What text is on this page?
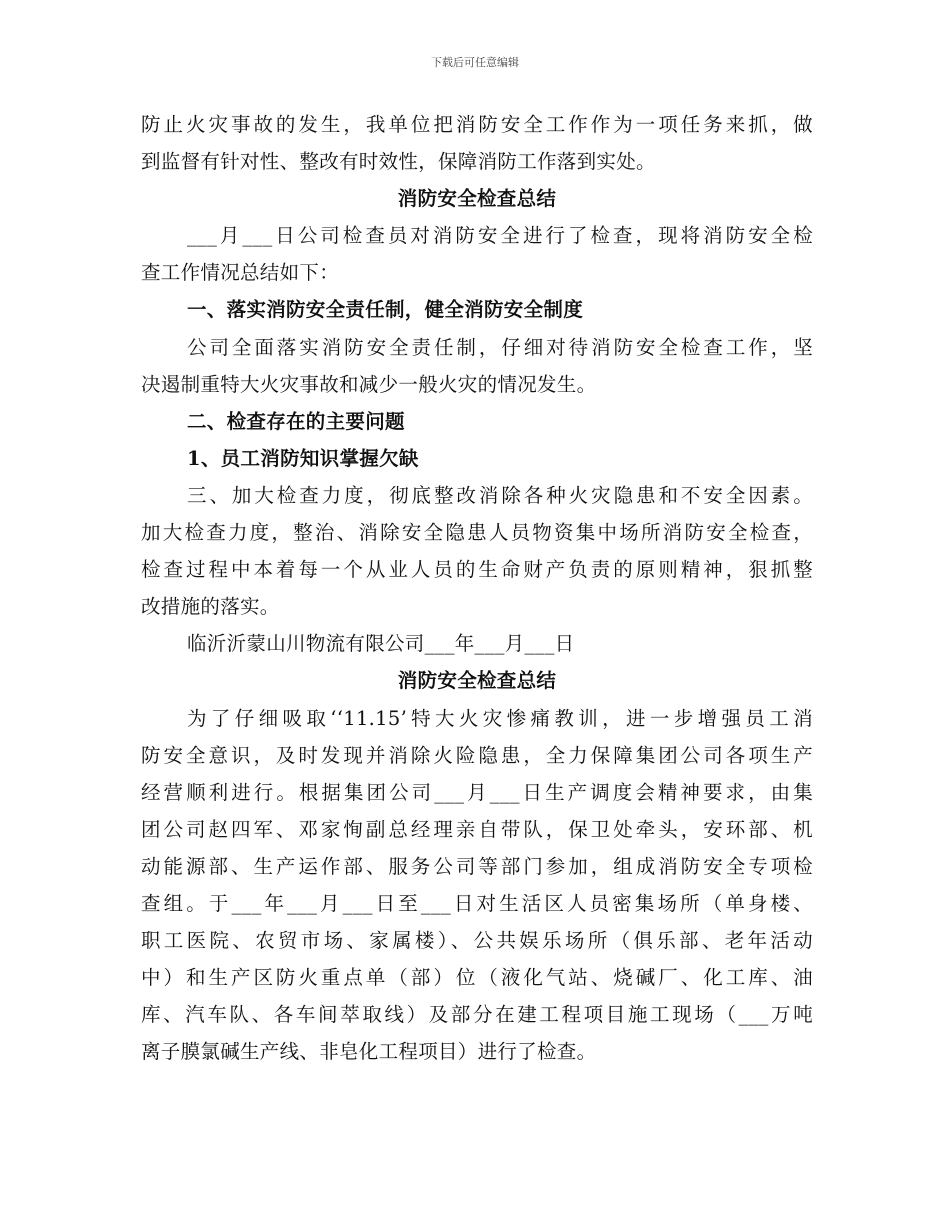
下载后可任意编辑
防止火灾事故的发生，我单位把消防安全工作作为一项任务来抓，做
到监督有针对性、整改有时效性，保障消防工作落到实处。
消防安全检查总结
___月___日公司检查员对消防安全进行了检查，现将消防安全检
查工作情况总结如下：
一、落实消防安全责任制，健全消防安全制度
公司全面落实消防安全责任制，仔细对待消防安全检查工作，坚
决遏制重特大火灾事故和减少一般火灾的情况发生。
二、检查存在的主要问题
1、员工消防知识掌握欠缺
三、加大检查力度，彻底整改消除各种火灾隐患和不安全因素。
加大检查力度，整治、消除安全隐患人员物资集中场所消防安全检查，
检查过程中本着每一个从业人员的生命财产负责的原则精神，狠抓整
改措施的落实。
临沂沂蒙山川物流有限公司___年___月___日
消防安全检查总结
为了仔细吸取‘‘11.15’特大火灾惨痛教训，进一步增强员工消
防安全意识，及时发现并消除火险隐患，全力保障集团公司各项生产
经营顺利进行。根据集团公司___月___日生产调度会精神要求，由集
团公司赵四军、邓家恂副总经理亲自带队，保卫处牵头，安环部、机
动能源部、生产运作部、服务公司等部门参加，组成消防安全专项检
查组。于___年___月___日至___日对生活区人员密集场所（单身楼、
职工医院、农贸市场、家属楼）、公共娱乐场所（俱乐部、老年活动
中）和生产区防火重点单（部）位（液化气站、烧碱厂、化工库、油
库、汽车队、各车间萃取线）及部分在建工程项目施工现场（___万吨
离子膜氯碱生产线、非皂化工程项目）进行了检查。
